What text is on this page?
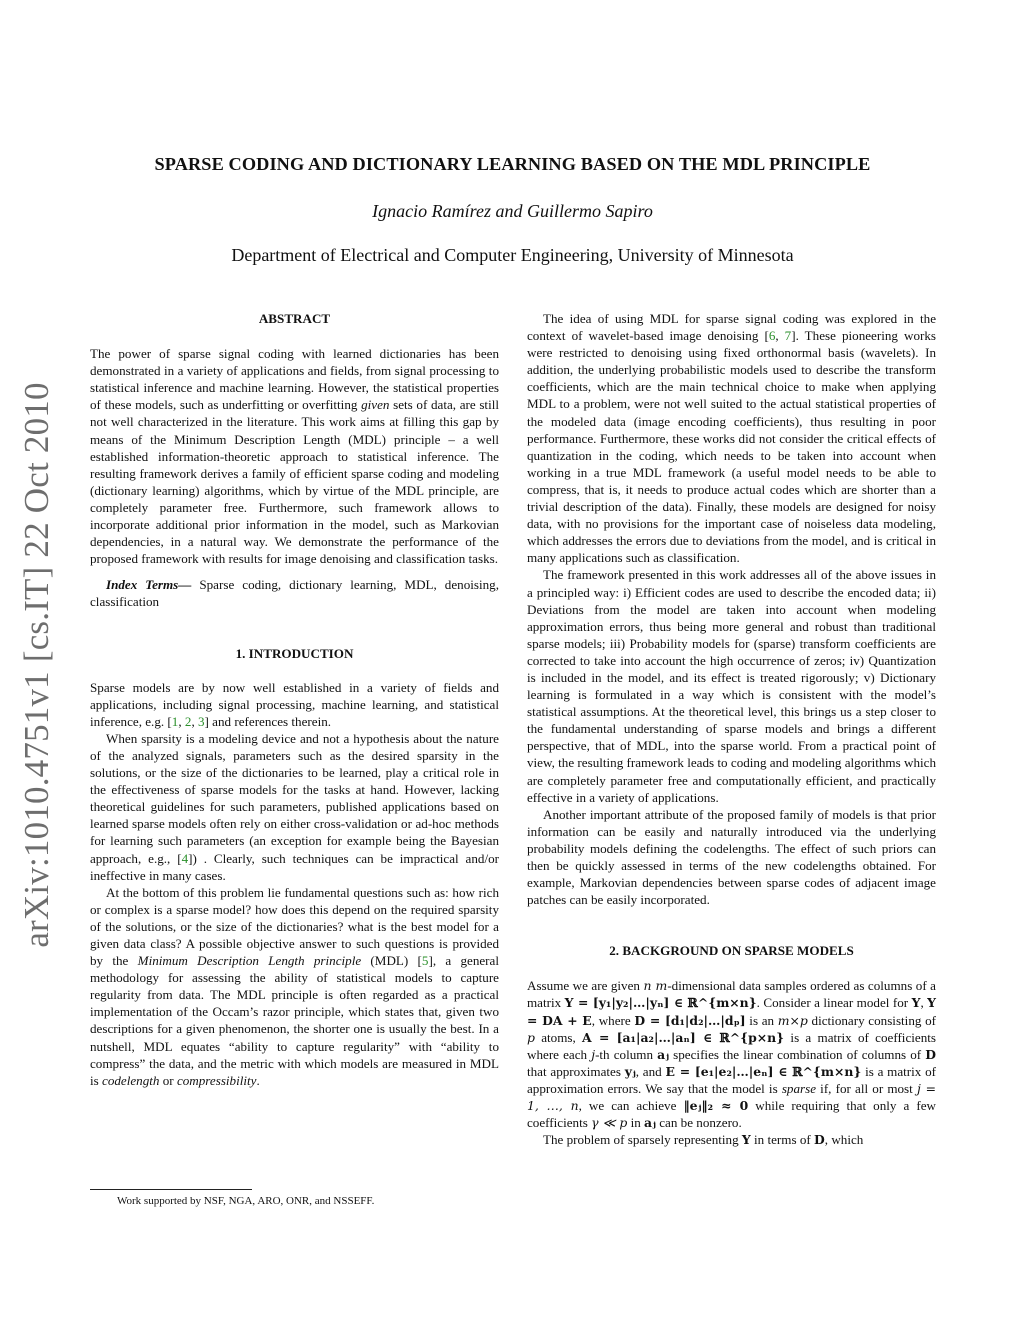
arXiv:1010.4751v1 [cs.IT] 22 Oct 2010
SPARSE CODING AND DICTIONARY LEARNING BASED ON THE MDL PRINCIPLE
Ignacio Ramírez and Guillermo Sapiro
Department of Electrical and Computer Engineering, University of Minnesota
ABSTRACT

The power of sparse signal coding with learned dictionaries has been demonstrated in a variety of applications and fields, from signal processing to statistical inference and machine learning. However, the statistical properties of these models, such as underfitting or overfitting given sets of data, are still not well characterized in the literature. This work aims at filling this gap by means of the Minimum Description Length (MDL) principle – a well established information-theoretic approach to statistical inference. The resulting framework derives a family of efficient sparse coding and modeling (dictionary learning) algorithms, which by virtue of the MDL principle, are completely parameter free. Furthermore, such framework allows to incorporate additional prior information in the model, such as Markovian dependencies, in a natural way. We demonstrate the performance of the proposed framework with results for image denoising and classification tasks.

Index Terms— Sparse coding, dictionary learning, MDL, denoising, classification

1. INTRODUCTION

Sparse models are by now well established in a variety of fields and applications, including signal processing, machine learning, and statistical inference, e.g. [1, 2, 3] and references therein.

When sparsity is a modeling device and not a hypothesis about the nature of the analyzed signals, parameters such as the desired sparsity in the solutions, or the size of the dictionaries to be learned, play a critical role in the effectiveness of sparse models for the tasks at hand. However, lacking theoretical guidelines for such parameters, published applications based on learned sparse models often rely on either cross-validation or ad-hoc methods for learning such parameters (an exception for example being the Bayesian approach, e.g., [4]) . Clearly, such techniques can be impractical and/or ineffective in many cases.

At the bottom of this problem lie fundamental questions such as: how rich or complex is a sparse model? how does this depend on the required sparsity of the solutions, or the size of the dictionaries? what is the best model for a given data class? A possible objective answer to such questions is provided by the Minimum Description Length principle (MDL) [5], a general methodology for assessing the ability of statistical models to capture regularity from data. The MDL principle is often regarded as a practical implementation of the Occam’s razor principle, which states that, given two descriptions for a given phenomenon, the shorter one is usually the best. In a nutshell, MDL equates “ability to capture regularity” with “ability to compress” the data, and the metric with which models are measured in MDL is codelength or compressibility.

The idea of using MDL for sparse signal coding was explored in the context of wavelet-based image denoising [6, 7]. These pioneering works were restricted to denoising using fixed orthonormal basis (wavelets). In addition, the underlying probabilistic models used to describe the transform coefficients, which are the main technical choice to make when applying MDL to a problem, were not well suited to the actual statistical properties of the modeled data (image encoding coefficients), thus resulting in poor performance. Furthermore, these works did not consider the critical effects of quantization in the coding, which needs to be taken into account when working in a true MDL framework (a useful model needs to be able to compress, that is, it needs to produce actual codes which are shorter than a trivial description of the data). Finally, these models are designed for noisy data, with no provisions for the important case of noiseless data modeling, which addresses the errors due to deviations from the model, and is critical in many applications such as classification.

The framework presented in this work addresses all of the above issues in a principled way: i) Efficient codes are used to describe the encoded data; ii) Deviations from the model are taken into account when modeling approximation errors, thus being more general and robust than traditional sparse models; iii) Probability models for (sparse) transform coefficients are corrected to take into account the high occurrence of zeros; iv) Quantization is included in the model, and its effect is treated rigorously; v) Dictionary learning is formulated in a way which is consistent with the model’s statistical assumptions. At the theoretical level, this brings us a step closer to the fundamental understanding of sparse models and brings a different perspective, that of MDL, into the sparse world. From a practical point of view, the resulting framework leads to coding and modeling algorithms which are completely parameter free and computationally efficient, and practically effective in a variety of applications.

Another important attribute of the proposed family of models is that prior information can be easily and naturally introduced via the underlying probability models defining the codelengths. The effect of such priors can then be quickly assessed in terms of the new codelengths obtained. For example, Markovian dependencies between sparse codes of adjacent image patches can be easily incorporated.

2. BACKGROUND ON SPARSE MODELS

Assume we are given n m-dimensional data samples ordered as columns of a matrix Y = [y₁|y₂|…|yₙ] ∈ ℝ^{m×n}. Consider a linear model for Y, Y = DA + E, where D = [d₁|d₂|…|dₚ] is an m×p dictionary consisting of p atoms, A = [a₁|a₂|…|aₙ] ∈ ℝ^{p×n} is a matrix of coefficients where each j-th column aⱼ specifies the linear combination of columns of D that approximates yⱼ, and E = [e₁|e₂|…|eₙ] ∈ ℝ^{m×n} is a matrix of approximation errors. We say that the model is sparse if, for all or most j = 1, …, n, we can achieve ‖eⱼ‖₂ ≈ 0 while requiring that only a few coefficients γ ≪ p in aⱼ can be nonzero.

The problem of sparsely representing Y in terms of D, which

Work supported by NSF, NGA, ARO, ONR, and NSSEFF.
